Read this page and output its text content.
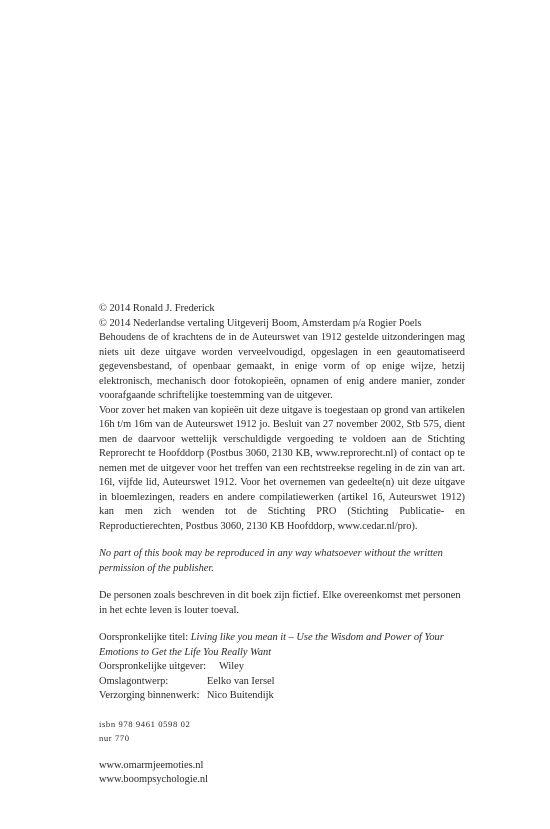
© 2014 Ronald J. Frederick

© 2014 Nederlandse vertaling Uitgeverij Boom, Amsterdam p/a Rogier Poels

Behoudens de of krachtens de in de Auteurswet van 1912 gestelde uitzonderingen mag niets uit deze uitgave worden verveelvoudigd, opgeslagen in een geautomatiseerd gegevensbestand, of openbaar gemaakt, in enige vorm of op enige wijze, hetzij elektronisch, mechanisch door fotokopieën, opnamen of enig andere manier, zonder voorafgaande schriftelijke toestemming van de uitgever.

Voor zover het maken van kopieën uit deze uitgave is toegestaan op grond van artikelen 16h t/m 16m van de Auteurswet 1912 jo. Besluit van 27 november 2002, Stb 575, dient men de daarvoor wettelijk verschuldigde vergoeding te voldoen aan de Stichting Reprorecht te Hoofddorp (Postbus 3060, 2130 KB, www.reprorecht.nl) of contact op te nemen met de uitgever voor het treffen van een rechtstreekse regeling in de zin van art. 16l, vijfde lid, Auteurswet 1912. Voor het overnemen van gedeelte(n) uit deze uitgave in bloemlezingen, readers en andere compilatiewerken (artikel 16, Auteurswet 1912) kan men zich wenden tot de Stichting PRO (Stichting Publicatie- en Reproductierechten, Postbus 3060, 2130 KB Hoofddorp, www.cedar.nl/pro).

No part of this book may be reproduced in any way whatsoever without the written permission of the publisher.

De personen zoals beschreven in dit boek zijn fictief. Elke overeenkomst met personen in het echte leven is louter toeval.

Oorspronkelijke titel: Living like you mean it – Use the Wisdom and Power of Your Emotions to Get the Life You Really Want

Oorspronkelijke uitgever:	Wiley
Omslagontwerp:	Eelko van Iersel
Verzorging binnenwerk: Nico Buitendijk

isbn 978 9461 0598 02

nur 770

www.omarmjeemoties.nl

www.boompsychologie.nl
